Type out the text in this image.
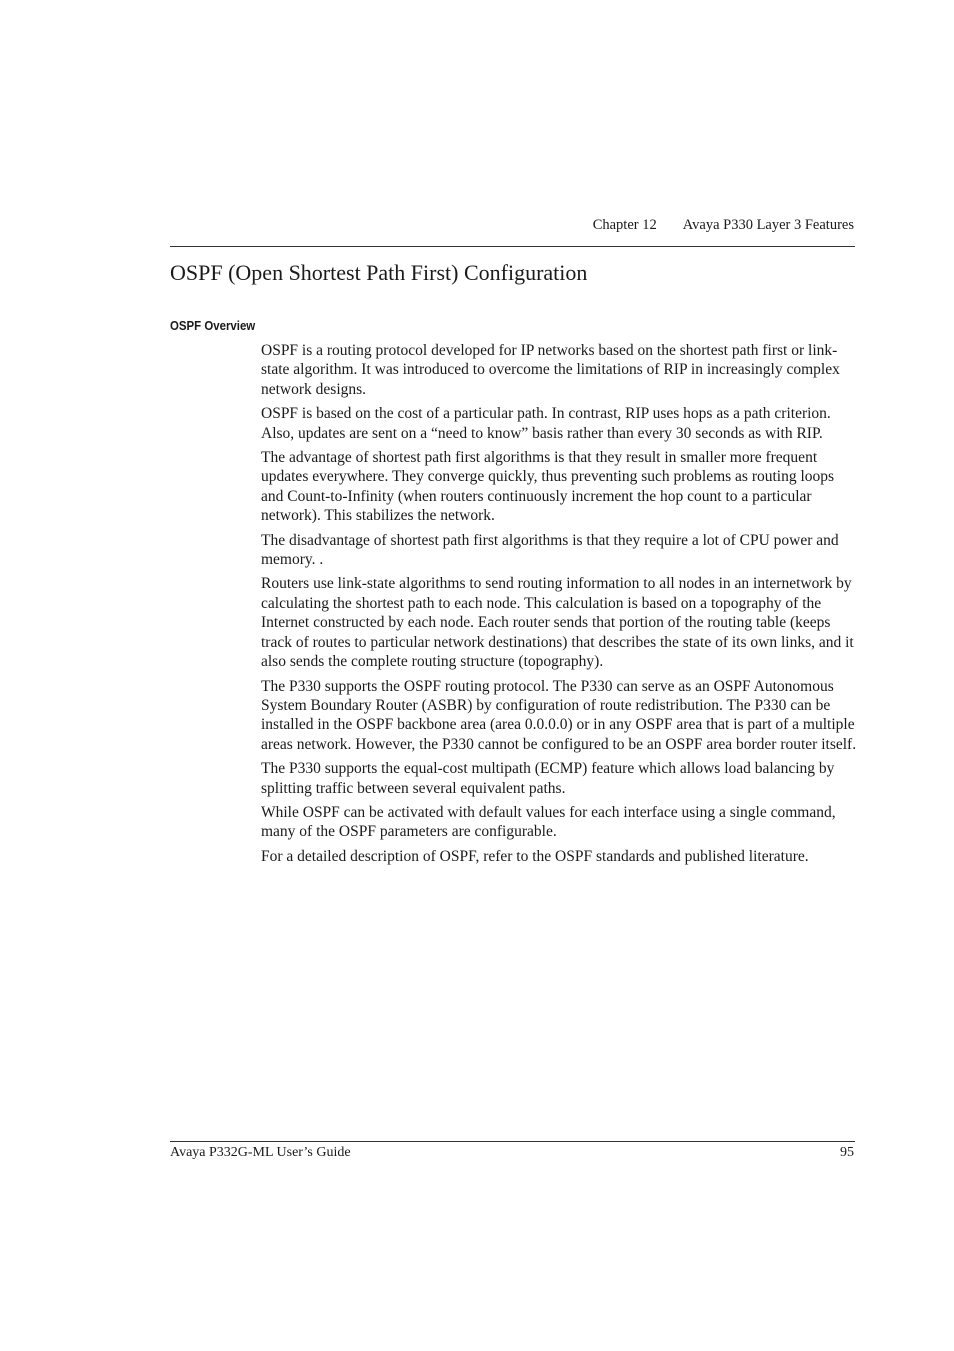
Chapter 12 Avaya P330 Layer 3 Features
OSPF (Open Shortest Path First) Configuration
OSPF Overview

OSPF is a routing protocol developed for IP networks based on the shortest path first or link-state algorithm. It was introduced to overcome the limitations of RIP in increasingly complex network designs.

OSPF is based on the cost of a particular path. In contrast, RIP uses hops as a path criterion. Also, updates are sent on a “need to know” basis rather than every 30 seconds as with RIP.

The advantage of shortest path first algorithms is that they result in smaller more frequent updates everywhere. They converge quickly, thus preventing such problems as routing loops and Count-to-Infinity (when routers continuously increment the hop count to a particular network). This stabilizes the network.

The disadvantage of shortest path first algorithms is that they require a lot of CPU power and memory. .

Routers use link-state algorithms to send routing information to all nodes in an internetwork by calculating the shortest path to each node. This calculation is based on a topography of the Internet constructed by each node. Each router sends that portion of the routing table (keeps track of routes to particular network destinations) that describes the state of its own links, and it also sends the complete routing structure (topography).

The P330 supports the OSPF routing protocol. The P330 can serve as an OSPF Autonomous System Boundary Router (ASBR) by configuration of route redistribution. The P330 can be installed in the OSPF backbone area (area 0.0.0.0) or in any OSPF area that is part of a multiple areas network. However, the P330 cannot be configured to be an OSPF area border router itself.

The P330 supports the equal-cost multipath (ECMP) feature which allows load balancing by splitting traffic between several equivalent paths.

While OSPF can be activated with default values for each interface using a single command, many of the OSPF parameters are configurable.

For a detailed description of OSPF, refer to the OSPF standards and published literature.

Avaya P332G-ML User’s Guide	95
